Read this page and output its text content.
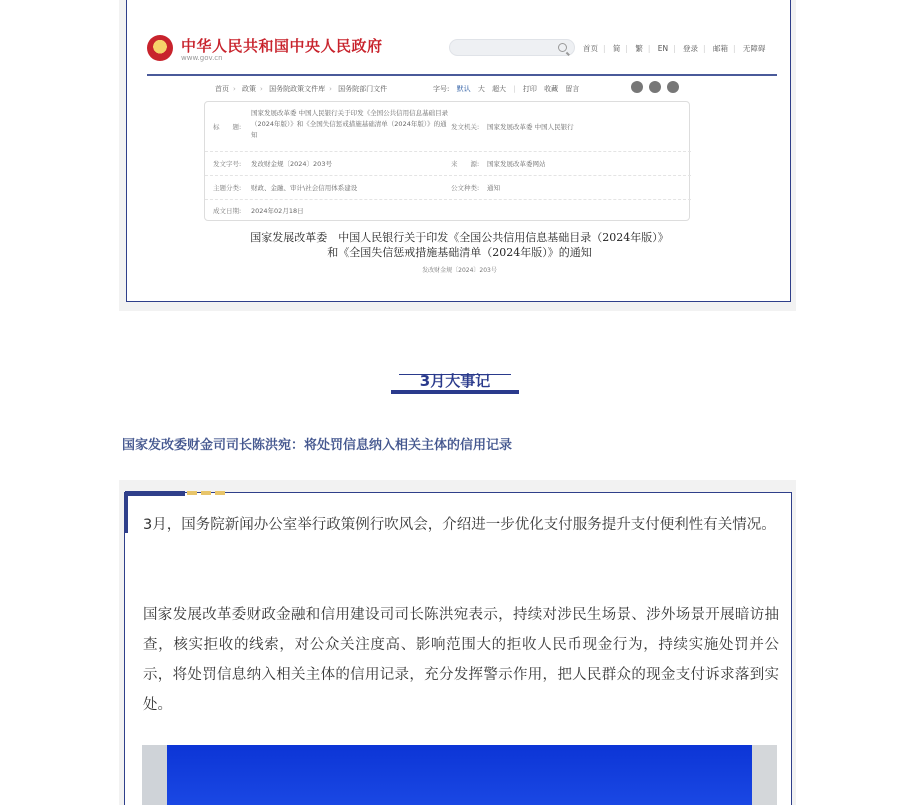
中华人民共和国中央人民政府
www.gov.cn
首页 | 简 | 繁 | EN | 登录 | 邮箱 | 无障碍
首页 › 政策 › 国务院政策文件库 › 国务院部门文件	字号: 默认 大 超大 | 打印 收藏 留言

标　　题:
国家发展改革委 中国人民银行关于印发《全国公共信用信息基础目录（2024年版）》和《全国失信惩戒措施基础清单（2024年版）》的通知
发文机关: 国家发展改革委 中国人民银行
发文字号: 发改财金规〔2024〕203号	来　　源: 国家发展改革委网站
主题分类: 财政、金融、审计\社会信用体系建设	公文种类: 通知
成文日期: 2024年02月18日
国家发展改革委　中国人民银行关于印发《全国公共信用信息基础目录（2024年版）》
和《全国失信惩戒措施基础清单（2024年版）》的通知
发改财金规〔2024〕203号
3月大事记
国家发改委财金司司长陈洪宛：将处罚信息纳入相关主体的信用记录
3月，国务院新闻办公室举行政策例行吹风会，介绍进一步优化支付服务提升支付便利性有关情况。
国家发展改革委财政金融和信用建设司司长陈洪宛表示，持续对涉民生场景、涉外场景开展暗访抽查，核实拒收的线索，对公众关注度高、影响范围大的拒收人民币现金行为，持续实施处罚并公示，将处罚信息纳入相关主体的信用记录，充分发挥警示作用，把人民群众的现金支付诉求落到实处。
